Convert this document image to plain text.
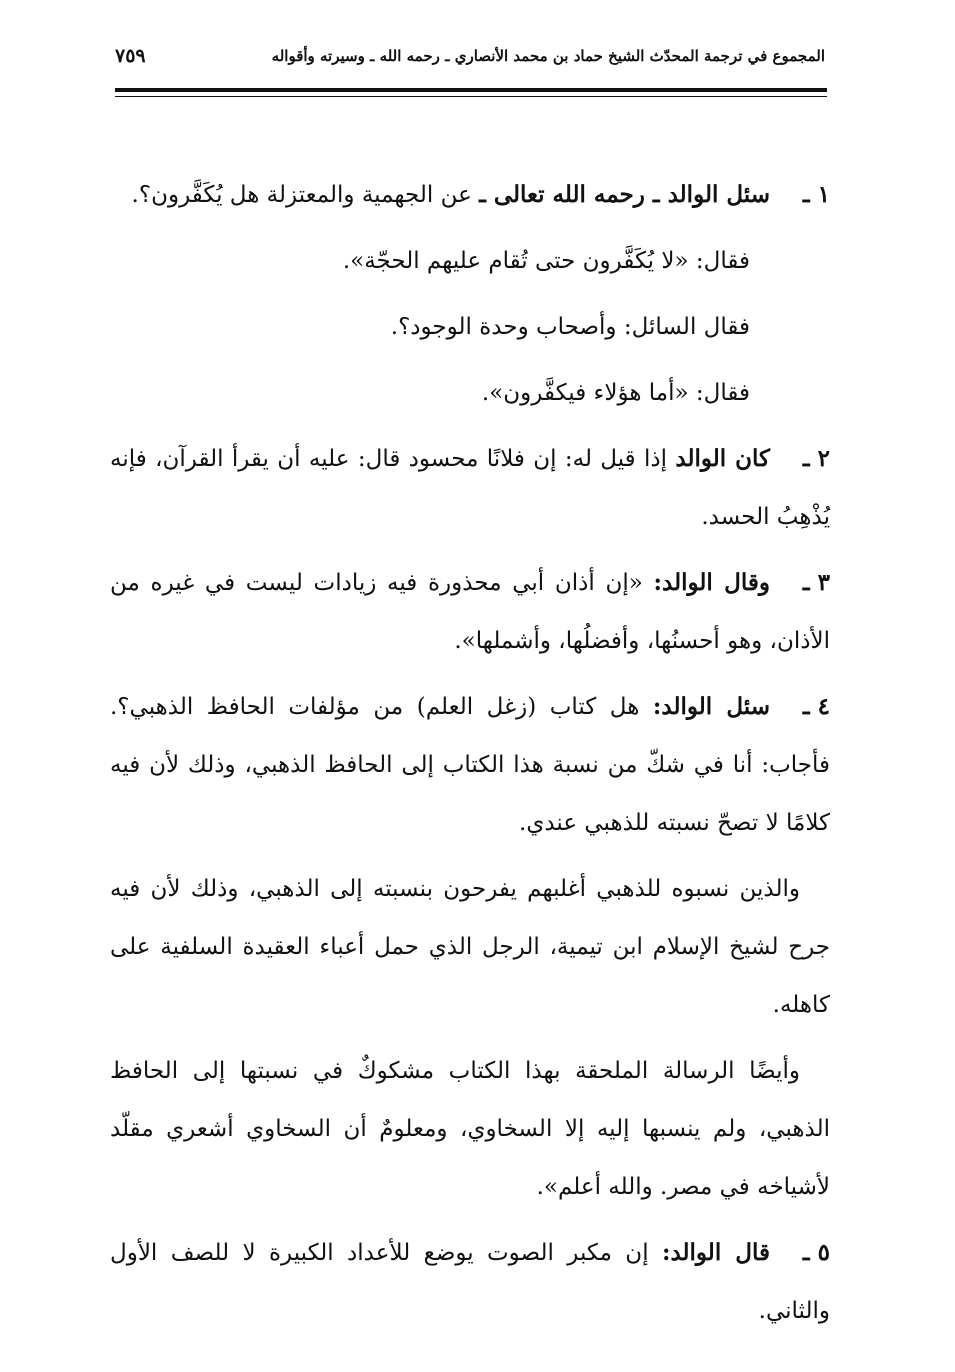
المجموع في ترجمة المحدّث الشيخ حماد بن محمد الأنصاري ـ رحمه الله ـ وسيرته وأقواله
٧٥٩

١ ـسئل الوالد ـ رحمه الله تعالى ـ عن الجهمية والمعتزلة هل يُكَفَّرون؟.

فقال: «لا يُكَفَّرون حتى تُقام عليهم الحجّة».

فقال السائل: وأصحاب وحدة الوجود؟.

فقال: «أما هؤلاء فيكفَّرون».

٢ ـكان الوالد إذا قيل له: إن فلانًا محسود قال: عليه أن يقرأ القرآن، فإنه يُذْهِبُ الحسد.

٣ ـوقال الوالد: «إن أذان أبي محذورة فيه زيادات ليست في غيره من الأذان، وهو أحسنُها، وأفضلُها، وأشملها».

٤ ـسئل الوالد: هل كتاب (زغل العلم) من مؤلفات الحافظ الذهبي؟. فأجاب: أنا في شكّ من نسبة هذا الكتاب إلى الحافظ الذهبي، وذلك لأن فيه كلامًا لا تصحّ نسبته للذهبي عندي.

والذين نسبوه للذهبي أغلبهم يفرحون بنسبته إلى الذهبي، وذلك لأن فيه جرح لشيخ الإسلام ابن تيمية، الرجل الذي حمل أعباء العقيدة السلفية على كاهله.

وأيضًا الرسالة الملحقة بهذا الكتاب مشكوكٌ في نسبتها إلى الحافظ الذهبي، ولم ينسبها إليه إلا السخاوي، ومعلومٌ أن السخاوي أشعري مقلّد لأشياخه في مصر. والله أعلم».

٥ ـقال الوالد: إن مكبر الصوت يوضع للأعداد الكبيرة لا للصف الأول والثاني.
